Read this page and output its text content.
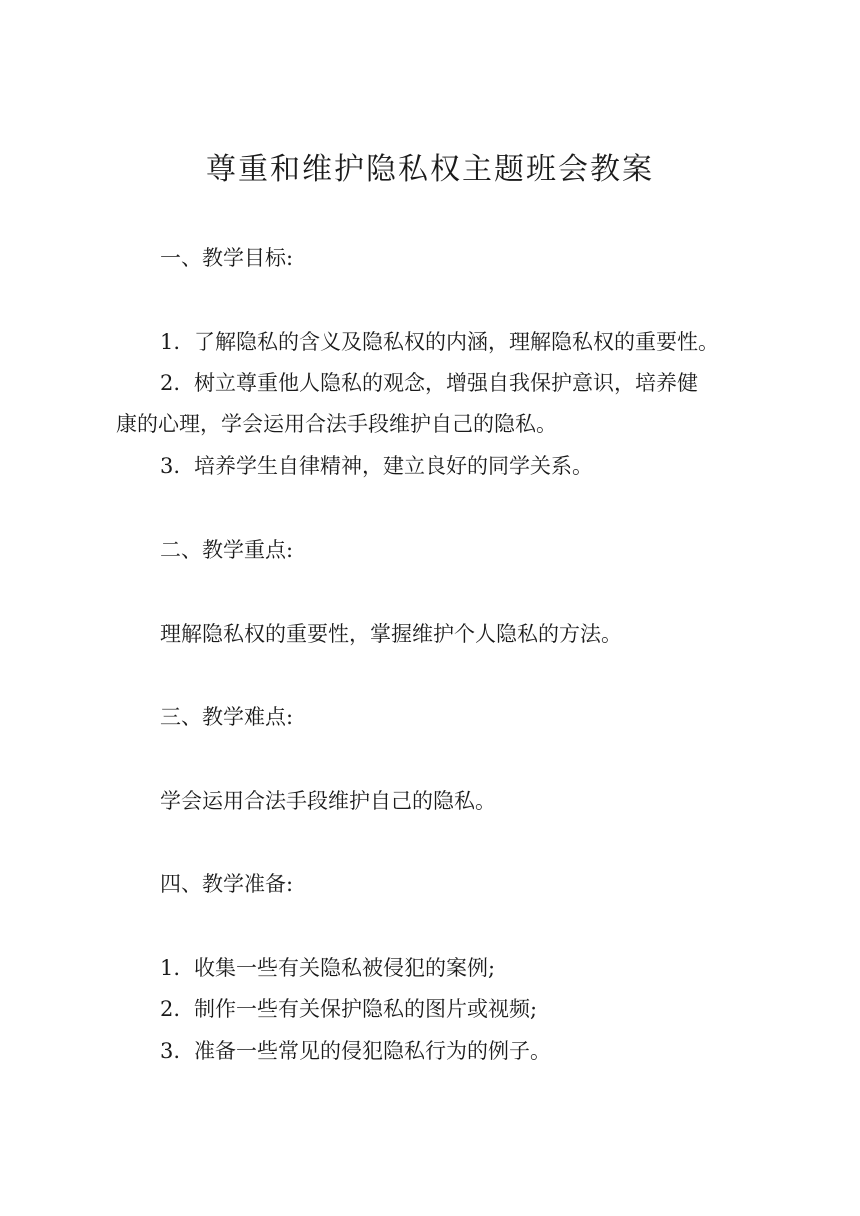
尊重和维护隐私权主题班会教案
一、教学目标:
1. 了解隐私的含义及隐私权的内涵，理解隐私权的重要性。
2. 树立尊重他人隐私的观念，增强自我保护意识，培养健
康的心理，学会运用合法手段维护自己的隐私。
3. 培养学生自律精神，建立良好的同学关系。
二、教学重点:
理解隐私权的重要性，掌握维护个人隐私的方法。
三、教学难点:
学会运用合法手段维护自己的隐私。
四、教学准备:
1. 收集一些有关隐私被侵犯的案例;
2. 制作一些有关保护隐私的图片或视频;
3. 准备一些常见的侵犯隐私行为的例子。
